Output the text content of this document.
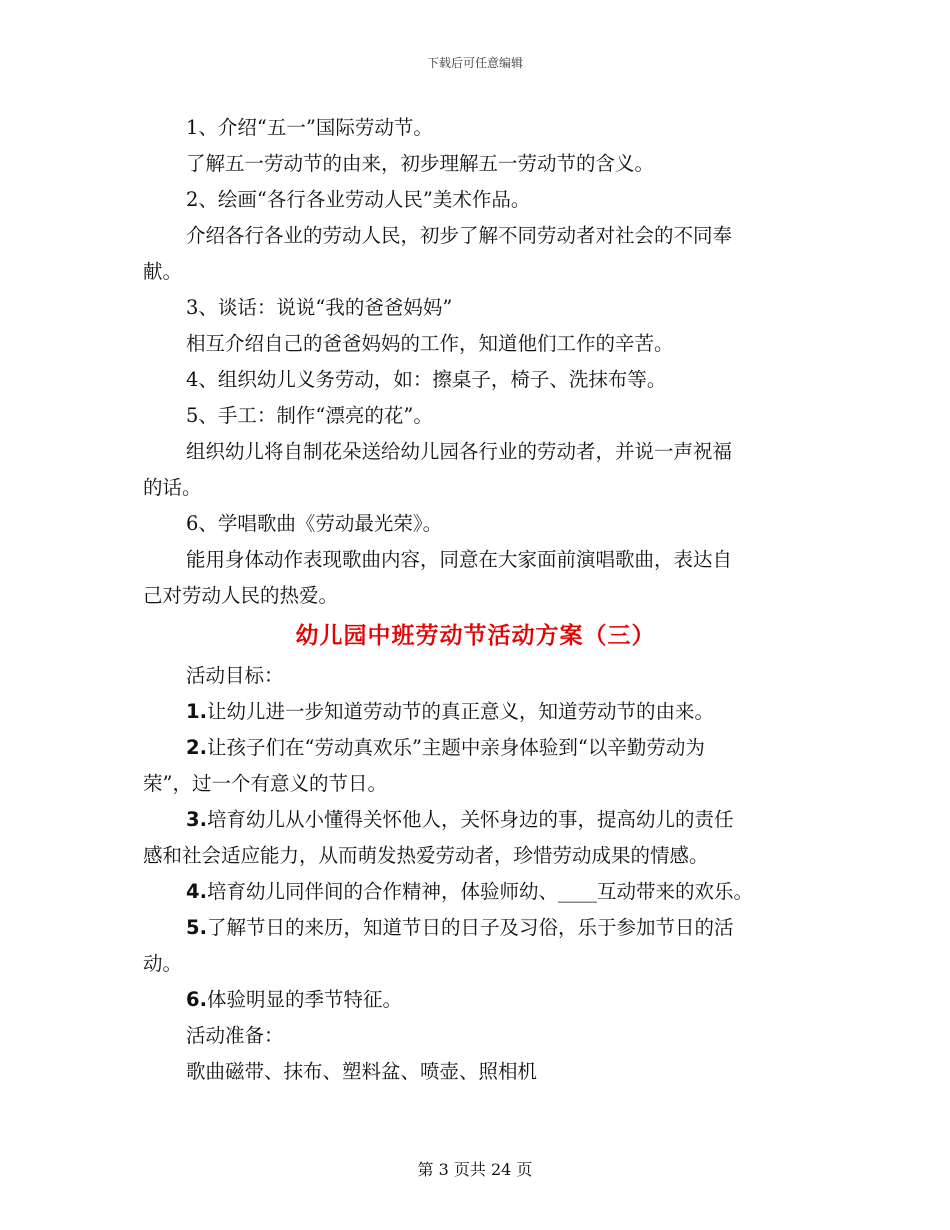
下载后可任意编辑

1、介绍“五一”国际劳动节。

了解五一劳动节的由来，初步理解五一劳动节的含义。

2、绘画“各行各业劳动人民”美术作品。

介绍各行各业的劳动人民，初步了解不同劳动者对社会的不同奉

献。

3、谈话：说说“我的爸爸妈妈”

相互介绍自己的爸爸妈妈的工作，知道他们工作的辛苦。

4、组织幼儿义务劳动，如：擦桌子，椅子、洗抹布等。

5、手工：制作“漂亮的花”。

组织幼儿将自制花朵送给幼儿园各行业的劳动者，并说一声祝福

的话。

6、学唱歌曲《劳动最光荣》。

能用身体动作表现歌曲内容，同意在大家面前演唱歌曲，表达自

己对劳动人民的热爱。

幼儿园中班劳动节活动方案（三）

活动目标：

1.让幼儿进一步知道劳动节的真正意义，知道劳动节的由来。

2.让孩子们在“劳动真欢乐”主题中亲身体验到“以辛勤劳动为

荣”，过一个有意义的节日。

3.培育幼儿从小懂得关怀他人，关怀身边的事，提高幼儿的责任

感和社会适应能力，从而萌发热爱劳动者，珍惜劳动成果的情感。

4.培育幼儿同伴间的合作精神，体验师幼、____互动带来的欢乐。

5.了解节日的来历，知道节日的日子及习俗，乐于参加节日的活

动。

6.体验明显的季节特征。

活动准备：

歌曲磁带、抹布、塑料盆、喷壶、照相机

第 3 页共 24 页
